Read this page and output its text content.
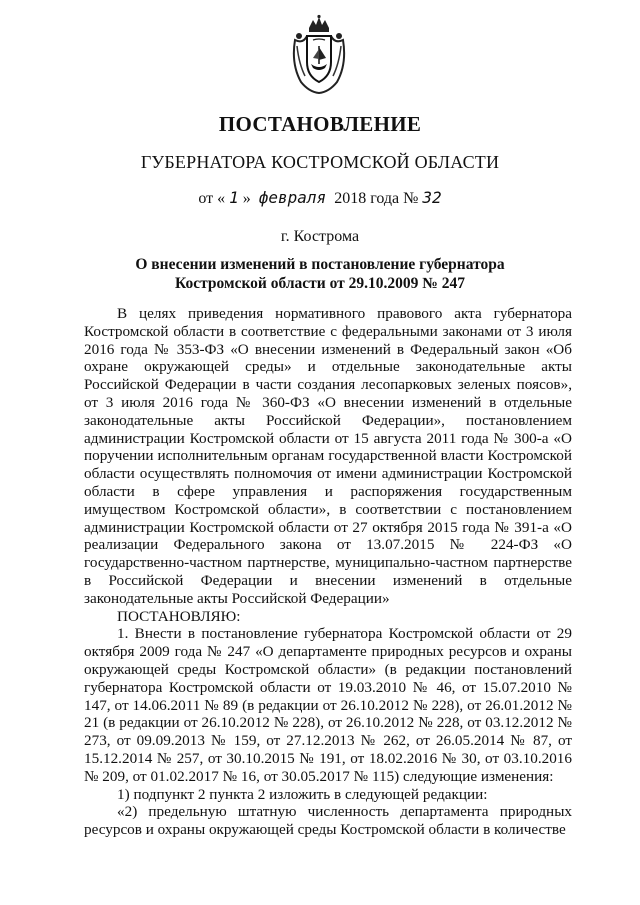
ПОСТАНОВЛЕНИЕ
ГУБЕРНАТОРА КОСТРОМСКОЙ ОБЛАСТИ
от « 1 » февраля 2018 года № 32
г. Кострома
О внесении изменений в постановление губернатора
Костромской области от 29.10.2009 № 247

В целях приведения нормативного правового акта губернатора Костромской области в соответствие с федеральными законами от 3 июля 2016 года № 353-ФЗ «О внесении изменений в Федеральный закон «Об охране окружающей среды» и отдельные законодательные акты Российской Федерации в части создания лесопарковых зеленых поясов», от 3 июля 2016 года № 360-ФЗ «О внесении изменений в отдельные законодательные акты Российской Федерации», постановлением администрации Костромской области от 15 августа 2011 года № 300-а «О поручении исполнительным органам государственной власти Костромской области осуществлять полномочия от имени администрации Костромской области в сфере управления и распоряжения государственным имуществом Костромской области», в соответствии с постановлением администрации Костромской области от 27 октября 2015 года № 391-а «О реализации Федерального закона от 13.07.2015 № 224-ФЗ «О государственно-частном партнерстве, муниципально-частном партнерстве в Российской Федерации и внесении изменений в отдельные законодательные акты Российской Федерации»

ПОСТАНОВЛЯЮ:

1. Внести в постановление губернатора Костромской области от 29 октября 2009 года № 247 «О департаменте природных ресурсов и охраны окружающей среды Костромской области» (в редакции постановлений губернатора Костромской области от 19.03.2010 № 46, от 15.07.2010 № 147, от 14.06.2011 № 89 (в редакции от 26.10.2012 № 228), от 26.01.2012 № 21 (в редакции от 26.10.2012 № 228), от 26.10.2012 № 228, от 03.12.2012 № 273, от 09.09.2013 № 159, от 27.12.2013 № 262, от 26.05.2014 № 87, от 15.12.2014 № 257, от 30.10.2015 № 191, от 18.02.2016 № 30, от 03.10.2016 № 209, от 01.02.2017 № 16, от 30.05.2017 № 115) следующие изменения:

1) подпункт 2 пункта 2 изложить в следующей редакции:

«2) предельную штатную численность департамента природных ресурсов и охраны окружающей среды Костромской области в количестве
